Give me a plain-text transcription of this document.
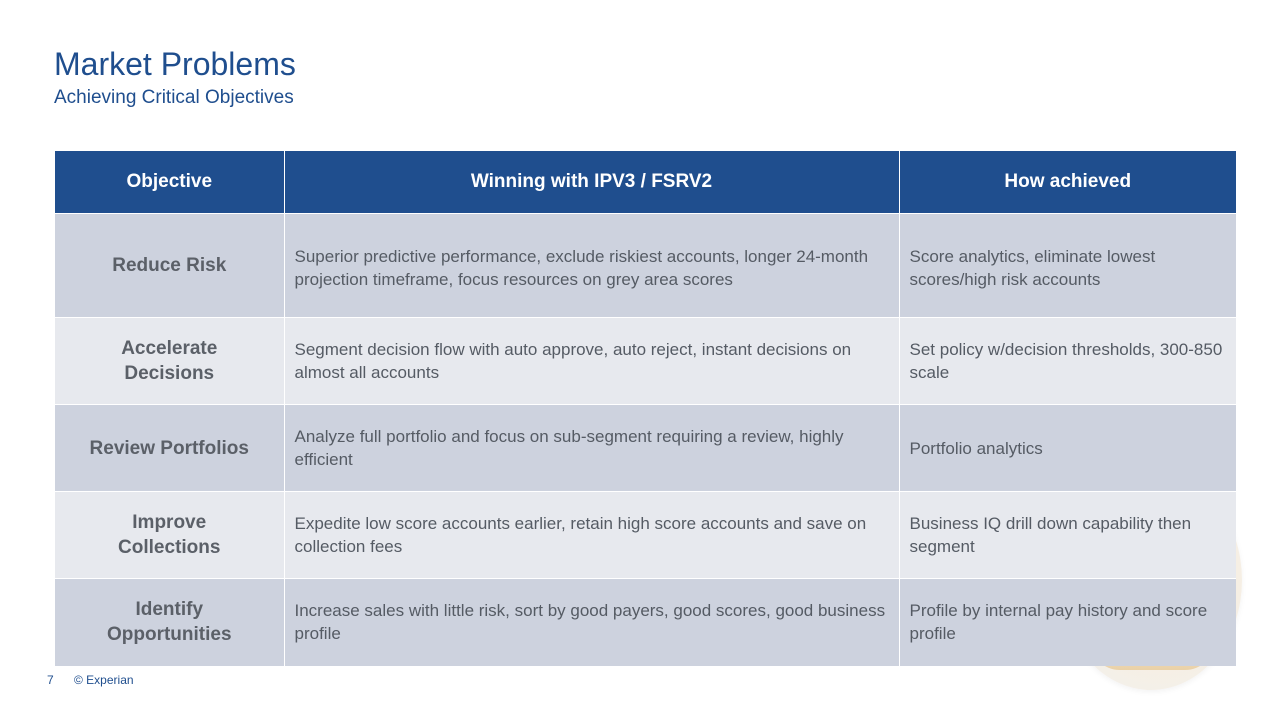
Market Problems
Achieving Critical Objectives
Objective	Winning with IPV3 / FSRV2	How achieved
Reduce Risk	Superior predictive performance, exclude riskiest accounts, longer 24-month projection timeframe, focus resources on grey area scores	Score analytics, eliminate lowest scores/high risk accounts
Accelerate Decisions	Segment decision flow with auto approve, auto reject, instant decisions on almost all accounts	Set policy w/decision thresholds, 300-850 scale
Review Portfolios	Analyze full portfolio and focus on sub-segment requiring a review, highly efficient	Portfolio analytics
Improve Collections	Expedite low score accounts earlier, retain high score accounts and save on collection fees	Business IQ drill down capability then segment
Identify Opportunities	Increase sales with little risk, sort by good payers, good scores, good business profile	Profile by internal pay history and score profile
7 © Experian
